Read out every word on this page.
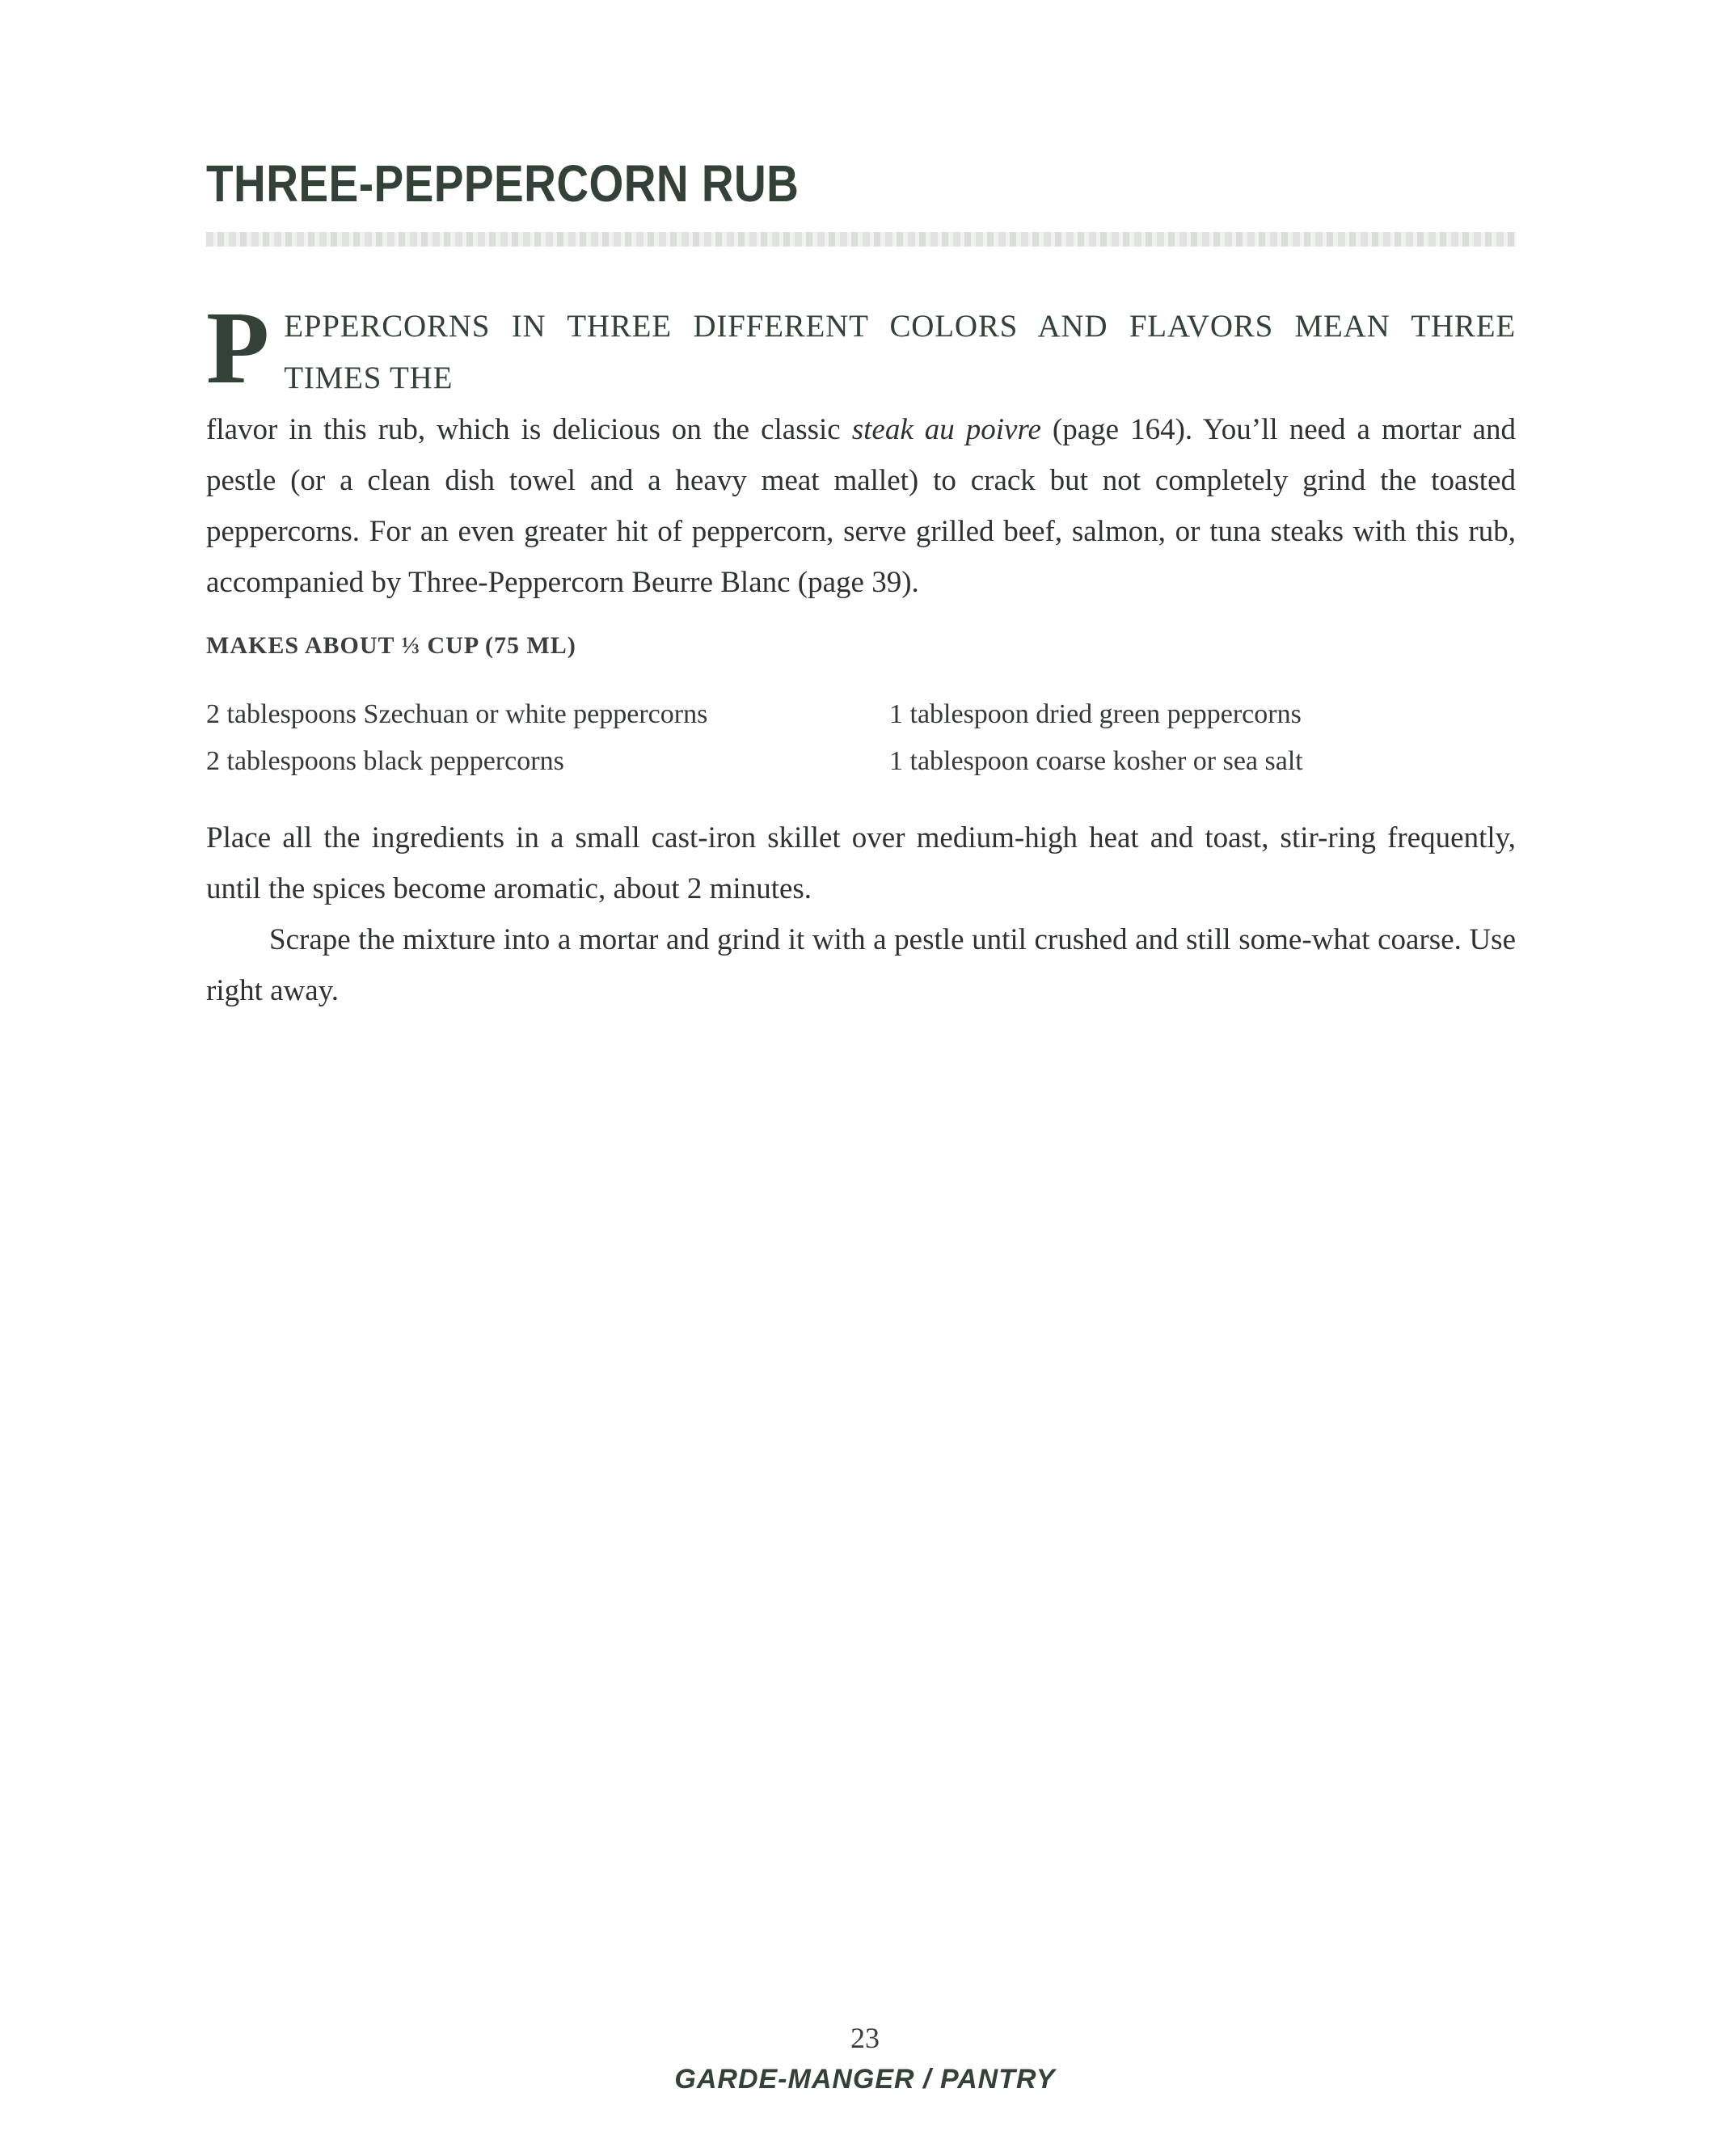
THREE-PEPPERCORN RUB

PEPPERCORNS IN THREE DIFFERENT COLORS AND FLAVORS MEAN THREE TIMES THE
flavor in this rub, which is delicious on the classic steak au poivre (page 164). You’ll need a mortar and pestle (or a clean dish towel and a heavy meat mallet) to crack but not completely grind the toasted peppercorns. For an even greater hit of peppercorn, serve grilled beef, salmon, or tuna steaks with this rub, accompanied by Three-Peppercorn Beurre Blanc (page 39).

MAKES ABOUT ⅓ CUP (75 ML)

2 tablespoons Szechuan or white peppercorns	1 tablespoon dried green peppercorns
2 tablespoons black peppercorns	1 tablespoon coarse kosher or sea salt

Place all the ingredients in a small cast-iron skillet over medium-high heat and toast, stir-ring frequently, until the spices become aromatic, about 2 minutes.

Scrape the mixture into a mortar and grind it with a pestle until crushed and still some-what coarse. Use right away.

23
GARDE-MANGER / PANTRY
